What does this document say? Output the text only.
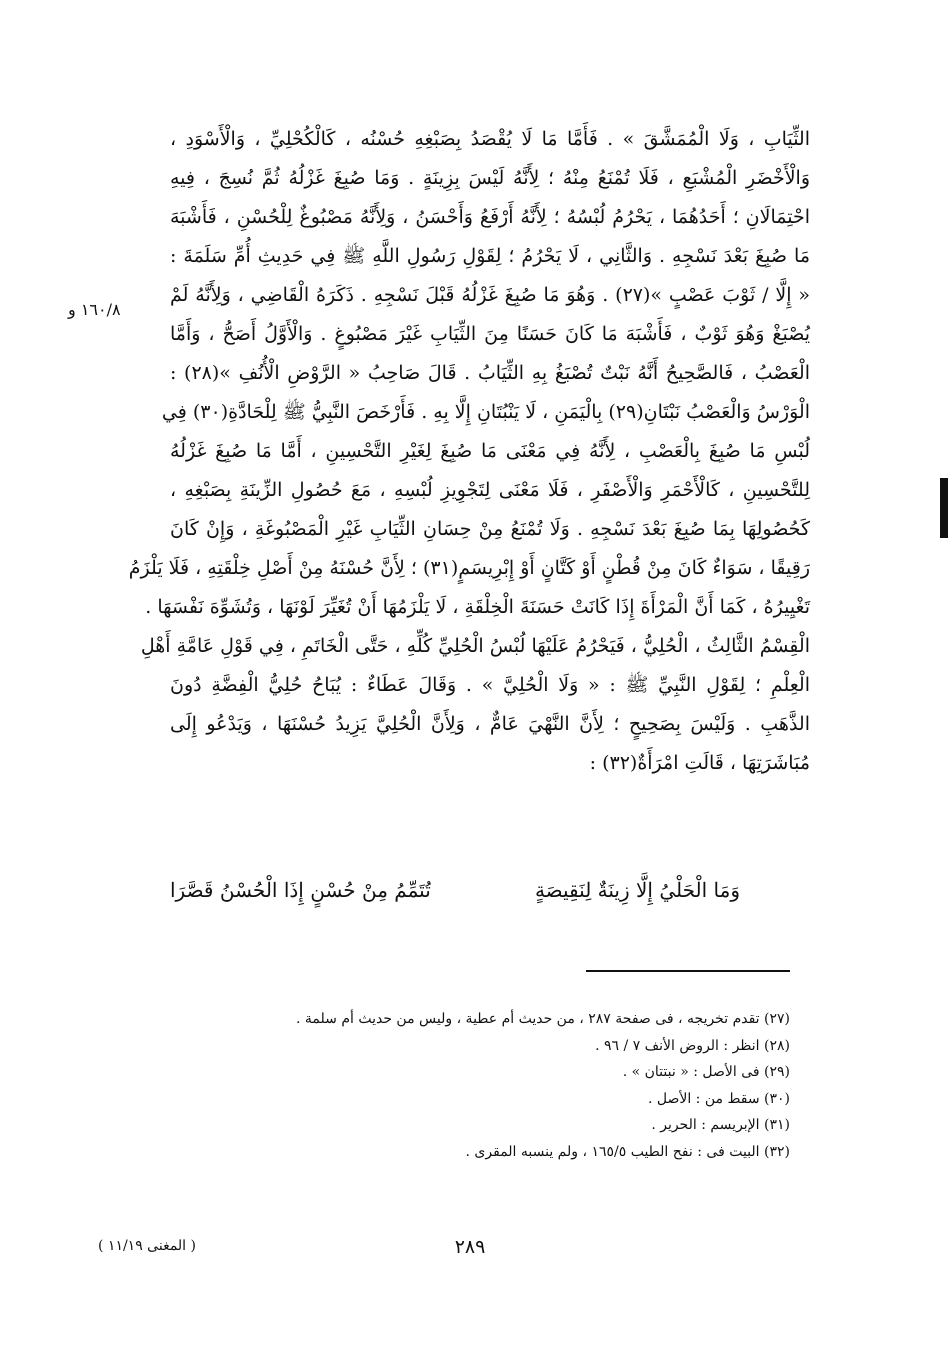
الثِّيَابِ ، وَلَا الْمُمَشَّقَ » . فَأَمَّا مَا لَا يُقْصَدُ بِصَبْغِهِ حُسْنُه ، كَالْكُحْلِيِّ ، وَالْأَسْوَدِ ،
وَالْأَخْضَرِ الْمُشْبَعِ ، فَلَا تُمْنَعُ مِنْهُ ؛ لِأَنَّهُ لَيْسَ بِزِينَةٍ . وَمَا صُبِغَ غَزْلُهُ ثُمَّ نُسِجَ ، فِيهِ
احْتِمَالَانِ ؛ أَحَدُهُمَا ، يَحْرُمُ لُبْسُهُ ؛ لِأَنَّهُ أَرْفَعُ وَأَحْسَنُ ، وَلِأَنَّهُ مَصْبُوغٌ لِلْحُسْنِ ، فَأَشْبَهَ
مَا صُبِغَ بَعْدَ نَسْجِهِ . وَالثَّانِي ، لَا يَحْرُمُ ؛ لِقَوْلِ رَسُولِ اللَّهِ ﷺ فِي حَدِيثِ أُمِّ سَلَمَةَ :
« إِلَّا / ثَوْبَ عَصْبٍ »(٢٧) . وَهُوَ مَا صُبِغَ غَزْلُهُ قَبْلَ نَسْجِهِ . ذَكَرَهُ الْقَاضِي ، وَلِأَنَّهُ لَمْ
يُصْبَغْ وَهُوَ ثَوْبٌ ، فَأَشْبَهَ مَا كَانَ حَسَنًا مِنَ الثِّيَابِ غَيْرَ مَصْبُوغٍ . وَالْأَوَّلُ أَصَحُّ ، وَأَمَّا
الْعَصْبُ ، فَالصَّحِيحُ أَنَّهُ نَبْتٌ تُصْبَغُ بِهِ الثِّيَابُ . قَالَ صَاحِبُ « الرَّوْضِ الْأُنُفِ »(٢٨) :
الْوَرْسُ وَالْعَصْبُ نَبْتَانِ(٢٩) بِالْيَمَنِ ، لَا يَنْبُتَانِ إِلَّا بِهِ . فَأَرْخَصَ النَّبِيُّ ﷺ لِلْحَادَّةِ(٣٠) فِي
لُبْسِ مَا صُبِغَ بِالْعَصْبِ ، لِأَنَّهُ فِي مَعْنَى مَا صُبِغَ لِغَيْرِ التَّحْسِينِ ، أَمَّا مَا صُبِغَ غَزْلُهُ
لِلتَّحْسِينِ ، كَالْأَحْمَرِ وَالْأَصْفَرِ ، فَلَا مَعْنَى لِتَجْوِيزِ لُبْسِهِ ، مَعَ حُصُولِ الزِّينَةِ بِصَبْغِهِ ،
كَحُصُولِهَا بِمَا صُبِغَ بَعْدَ نَسْجِهِ . وَلَا تُمْنَعُ مِنْ حِسَانِ الثِّيَابِ غَيْرِ الْمَصْبُوغَةِ ، وَإِنْ كَانَ
رَقِيقًا ، سَوَاءٌ كَانَ مِنْ قُطْنٍ أَوْ كَتَّانٍ أَوْ إِبْرِيسَمٍ(٣١) ؛ لِأَنَّ حُسْنَهُ مِنْ أَصْلِ خِلْقَتِهِ ، فَلَا يَلْزَمُ
تَغْيِيرُهُ ، كَمَا أَنَّ الْمَرْأَةَ إِذَا كَانَتْ حَسَنَةَ الْخِلْقَةِ ، لَا يَلْزَمُهَا أَنْ تُغَيِّرَ لَوْنَهَا ، وَتُشَوِّهَ نَفْسَهَا .
الْقِسْمُ الثَّالِثُ ، الْحُلِيُّ ، فَيَحْرُمُ عَلَيْهَا لُبْسُ الْحُلِيِّ كُلِّهِ ، حَتَّى الْخَاتَمِ ، فِي قَوْلِ عَامَّةِ أَهْلِ
الْعِلْمِ ؛ لِقَوْلِ النَّبِيِّ ﷺ : « وَلَا الْحُلِيَّ » . وَقَالَ عَطَاءٌ : يُبَاحُ حُلِيُّ الْفِضَّةِ دُونَ
الذَّهَبِ . وَلَيْسَ بِصَحِيحٍ ؛ لِأَنَّ النَّهْيَ عَامٌّ ، وَلِأَنَّ الْحُلِيَّ يَزِيدُ حُسْنَهَا ، وَيَدْعُو إِلَى
مُبَاشَرَتِهَا ، قَالَتِ امْرَأَةٌ(٣٢) :
١٦٠/٨ و
وَمَا الْحَلْيُ إِلَّا زِينَةٌ لِنَقِيصَةٍ
تُتَمِّمُ مِنْ حُسْنٍ إِذَا الْحُسْنُ قَصَّرَا
(٢٧) تقدم تخريجه ، فى صفحة ٢٨٧ ، من حديث أم عطية ، وليس من حديث أم سلمة .
(٢٨) انظر : الروض الأنف ٧ / ٩٦ .
(٢٩) فى الأصل : « نبتتان » .
(٣٠) سقط من : الأصل .
(٣١) الإبريسم : الحرير .
(٣٢) البيت فى : نفح الطيب ١٦٥/٥ ، ولم ينسبه المقرى .
٢٨٩
( المغنى ١١/١٩ )
